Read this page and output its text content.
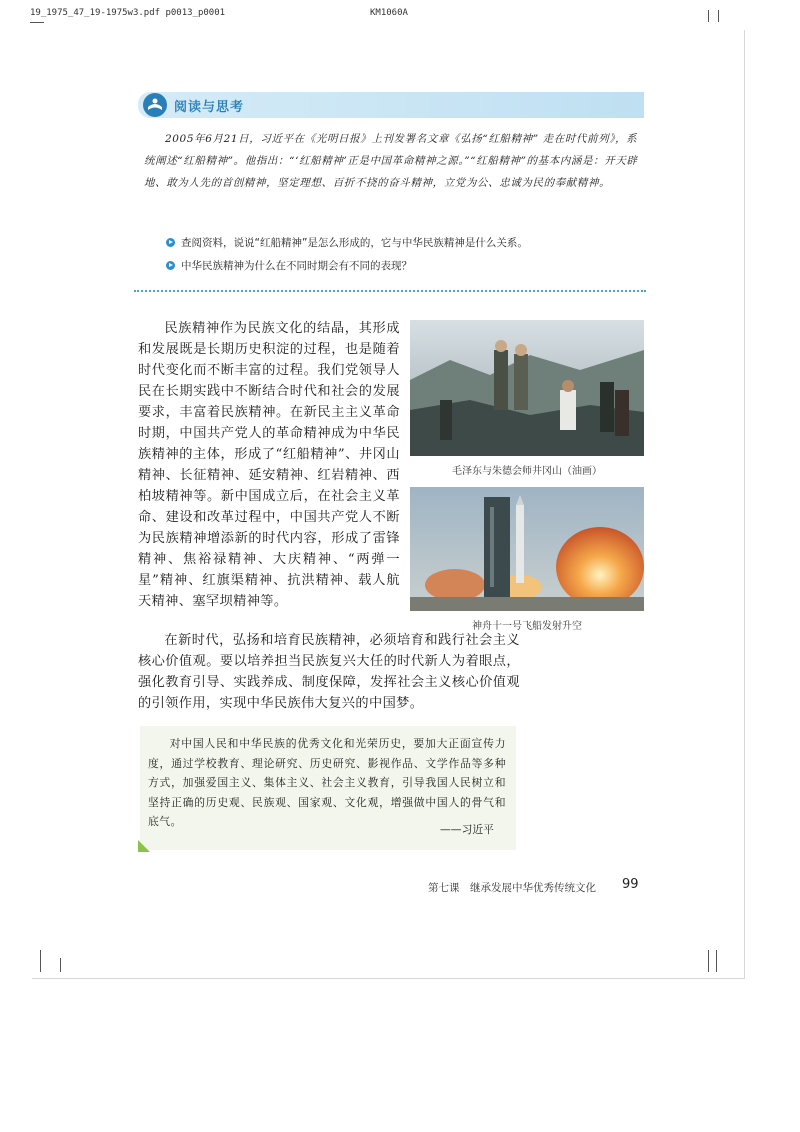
19_1975_47_19-1975w3.pdf p0013_p0001	KM1060A
阅读与思考
2005年6月21日，习近平在《光明日报》上刊发署名文章《弘扬“红船精神” 走在时代前列》，系统阐述“红船精神”。他指出：“‘红船精神’正是中国革命精神之源。”“红船精神”的基本内涵是：开天辟地、敢为人先的首创精神，坚定理想、百折不挠的奋斗精神，立党为公、忠诚为民的奉献精神。
查阅资料，说说“红船精神”是怎么形成的，它与中华民族精神是什么关系。
中华民族精神为什么在不同时期会有不同的表现？

民族精神作为民族文化的结晶，其形成和发展既是长期历史积淀的过程，也是随着时代变化而不断丰富的过程。我们党领导人民在长期实践中不断结合时代和社会的发展要求，丰富着民族精神。在新民主主义革命时期，中国共产党人的革命精神成为中华民族精神的主体，形成了“红船精神”、井冈山精神、长征精神、延安精神、红岩精神、西柏坡精神等。新中国成立后，在社会主义革命、建设和改革过程中，中国共产党人不断为民族精神增添新的时代内容，形成了雷锋精神、焦裕禄精神、大庆精神、“两弹一星”精神、红旗渠精神、抗洪精神、载人航天精神、塞罕坝精神等。

在新时代，弘扬和培育民族精神，必须培育和践行社会主义核心价值观。要以培养担当民族复兴大任的时代新人为着眼点，强化教育引导、实践养成、制度保障，发挥社会主义核心价值观的引领作用，实现中华民族伟大复兴的中国梦。

毛泽东与朱德会师井冈山（油画）
神舟十一号飞船发射升空

对中国人民和中华民族的优秀文化和光荣历史，要加大正面宣传力度，通过学校教育、理论研究、历史研究、影视作品、文学作品等多种方式，加强爱国主义、集体主义、社会主义教育，引导我国人民树立和坚持正确的历史观、民族观、国家观、文化观，增强做中国人的骨气和底气。

——习近平
第七课　继承发展中华优秀传统文化 99
